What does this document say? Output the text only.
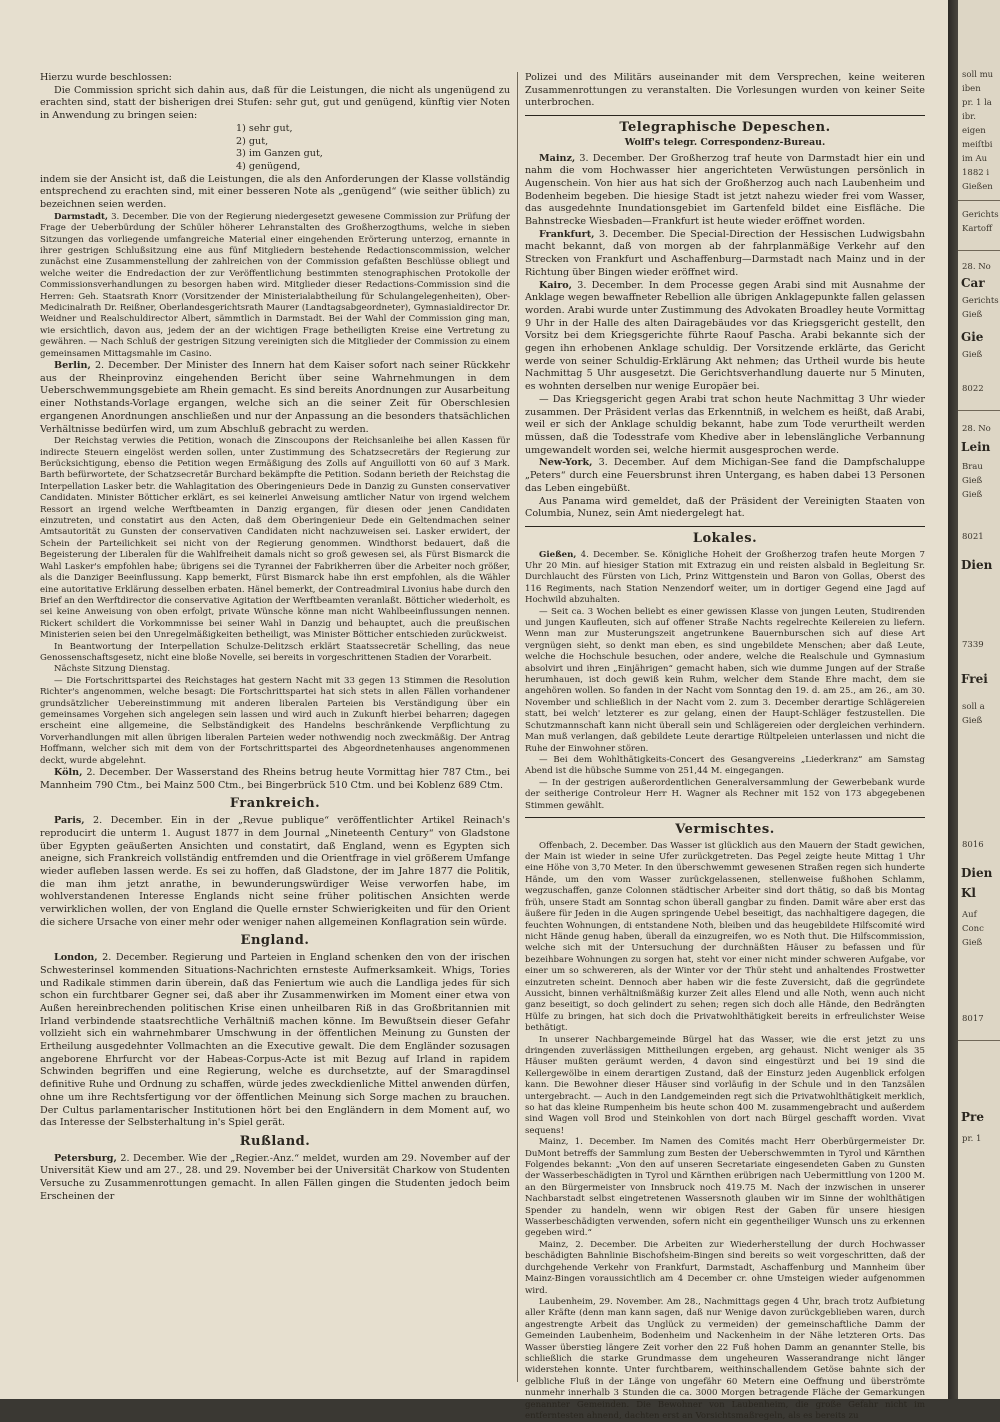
Hierzu wurde beschlossen:

Die Commission spricht sich dahin aus, daß für die Leistungen, die nicht als ungenügend zu erachten sind, statt der bisherigen drei Stufen: sehr gut, gut und genügend, künftig vier Noten in Anwendung zu bringen seien:

1) sehr gut,
2) gut,
3) im Ganzen gut,
4) genügend,

indem sie der Ansicht ist, daß die Leistungen, die als den Anforderungen der Klasse vollständig entsprechend zu erachten sind, mit einer besseren Note als „genügend“ (wie seither üblich) zu bezeichnen seien werden.

Darmstadt, 3. December. Die von der Regierung niedergesetzt gewesene Commission zur Prüfung der Frage der Ueberbürdung der Schüler höherer Lehranstalten des Großherzogthums, welche in sieben Sitzungen das vorliegende umfangreiche Material einer eingehenden Erörterung unterzog, ernannte in ihrer gestrigen Schlußsitzung eine aus fünf Mitgliedern bestehende Redactionscommission, welcher zunächst eine Zusammenstellung der zahlreichen von der Commission gefaßten Beschlüsse obliegt und welche weiter die Endredaction der zur Veröffentlichung bestimmten stenographischen Protokolle der Commissionsverhandlungen zu besorgen haben wird. Mitglieder dieser Redactions-Commission sind die Herren: Geh. Staatsrath Knorr (Vorsitzender der Ministerialabtheilung für Schulangelegenheiten), Ober-Medicinalrath Dr. Reißner, Oberlandesgerichtsrath Maurer (Landtagsabgeordneter), Gymnasialdirector Dr. Weidner und Realschuldirector Albert, sämmtlich in Darmstadt. Bei der Wahl der Commission ging man, wie ersichtlich, davon aus, jedem der an der wichtigen Frage betheiligten Kreise eine Vertretung zu gewähren. — Nach Schluß der gestrigen Sitzung vereinigten sich die Mitglieder der Commission zu einem gemeinsamen Mittagsmahle im Casino.

Berlin, 2. December. Der Minister des Innern hat dem Kaiser sofort nach seiner Rückkehr aus der Rheinprovinz eingehenden Bericht über seine Wahrnehmungen in dem Ueberschwemmungsgebiete am Rhein gemacht. Es sind bereits Anordnungen zur Ausarbeitung einer Nothstands-Vorlage ergangen, welche sich an die seiner Zeit für Oberschlesien ergangenen Anordnungen anschließen und nur der Anpassung an die besonders thatsächlichen Verhältnisse bedürfen wird, um zum Abschluß gebracht zu werden.

Der Reichstag verwies die Petition, wonach die Zinscoupons der Reichsanleihe bei allen Kassen für indirecte Steuern eingelöst werden sollen, unter Zustimmung des Schatzsecretärs der Regierung zur Berücksichtigung, ebenso die Petition wegen Ermäßigung des Zolls auf Anguillotti von 60 auf 3 Mark. Barth befürwortete, der Schatzsecretär Burchard bekämpfte die Petition. Sodann berieth der Reichstag die Interpellation Lasker betr. die Wahlagitation des Oberingenieurs Dede in Danzig zu Gunsten conservativer Candidaten. Minister Bötticher erklärt, es sei keinerlei Anweisung amtlicher Natur von irgend welchem Ressort an irgend welche Werftbeamten in Danzig ergangen, für diesen oder jenen Candidaten einzutreten, und constatirt aus den Acten, daß dem Oberingenieur Dede ein Geltendmachen seiner Amtsautorität zu Gunsten der conservativen Candidaten nicht nachzuweisen sei. Lasker erwidert, der Schein der Parteilichkeit sei nicht von der Regierung genommen. Windthorst bedauert, daß die Begeisterung der Liberalen für die Wahlfreiheit damals nicht so groß gewesen sei, als Fürst Bismarck die Wahl Lasker's empfohlen habe; übrigens sei die Tyrannei der Fabrikherren über die Arbeiter noch größer, als die Danziger Beeinflussung. Kapp bemerkt, Fürst Bismarck habe ihn erst empfohlen, als die Wähler eine autoritative Erklärung desselben erbaten. Hänel bemerkt, der Contreadmiral Livonius habe durch den Brief an den Werftdirector die conservative Agitation der Werftbeamten veranlaßt. Bötticher wiederholt, es sei keine Anweisung von oben erfolgt, private Wünsche könne man nicht Wahlbeeinflussungen nennen. Rickert schildert die Vorkommnisse bei seiner Wahl in Danzig und behauptet, auch die preußischen Ministerien seien bei den Unregelmäßigkeiten betheiligt, was Minister Bötticher entschieden zurückweist.

In Beantwortung der Interpellation Schulze-Delitzsch erklärt Staatssecretär Schelling, das neue Genossenschaftsgesetz, nicht eine bloße Novelle, sei bereits in vorgeschrittenen Stadien der Vorarbeit.

Nächste Sitzung Dienstag.

— Die Fortschrittspartei des Reichstages hat gestern Nacht mit 33 gegen 13 Stimmen die Resolution Richter's angenommen, welche besagt: Die Fortschrittspartei hat sich stets in allen Fällen vorhandener grundsätzlicher Uebereinstimmung mit anderen liberalen Parteien bis Verständigung über ein gemeinsames Vorgehen sich angelegen sein lassen und wird auch in Zukunft hierbei beharren; dagegen erscheint eine allgemeine, die Selbständigkeit des Handelns beschränkende Verpflichtung zu Vorverhandlungen mit allen übrigen liberalen Parteien weder nothwendig noch zweckmäßig. Der Antrag Hoffmann, welcher sich mit dem von der Fortschrittspartei des Abgeordnetenhauses angenommenen deckt, wurde abgelehnt.

Köln, 2. December. Der Wasserstand des Rheins betrug heute Vormittag hier 787 Ctm., bei Mannheim 790 Ctm., bei Mainz 500 Ctm., bei Bingerbrück 510 Ctm. und bei Koblenz 689 Ctm.

Frankreich.

Paris, 2. December. Ein in der „Revue publique“ veröffentlichter Artikel Reinach's reproducirt die unterm 1. August 1877 in dem Journal „Nineteenth Century“ von Gladstone über Egypten geäußerten Ansichten und constatirt, daß England, wenn es Egypten sich aneigne, sich Frankreich vollständig entfremden und die Orientfrage in viel größerem Umfange wieder aufleben lassen werde. Es sei zu hoffen, daß Gladstone, der im Jahre 1877 die Politik, die man ihm jetzt anrathe, in bewunderungswürdiger Weise verworfen habe, im wohlverstandenen Interesse Englands nicht seine früher politischen Ansichten werde verwirklichen wollen, der von England die Quelle ernster Schwierigkeiten und für den Orient die sichere Ursache von einer mehr oder weniger nahen allgemeinen Konflagration sein würde.

England.

London, 2. December. Regierung und Parteien in England schenken den von der irischen Schwesterinsel kommenden Situations-Nachrichten ernsteste Aufmerksamkeit. Whigs, Tories und Radikale stimmen darin überein, daß das Feniertum wie auch die Landliga jedes für sich schon ein furchtbarer Gegner sei, daß aber ihr Zusammenwirken im Moment einer etwa von Außen hereinbrechenden politischen Krise einen unheilbaren Riß in das Großbritannien mit Irland verbindende staatsrechtliche Verhältniß machen könne. Im Bewußtsein dieser Gefahr vollzieht sich ein wahrnehmbarer Umschwung in der öffentlichen Meinung zu Gunsten der Ertheilung ausgedehnter Vollmachten an die Executive gewalt. Die dem Engländer sozusagen angeborene Ehrfurcht vor der Habeas-Corpus-Acte ist mit Bezug auf Irland in rapidem Schwinden begriffen und eine Regierung, welche es durchsetzte, auf der Smaragdinsel definitive Ruhe und Ordnung zu schaffen, würde jedes zweckdienliche Mittel anwenden dürfen, ohne um ihre Rechtsfertigung vor der öffentlichen Meinung sich Sorge machen zu brauchen. Der Cultus parlamentarischer Institutionen hört bei den Engländern in dem Moment auf, wo das Interesse der Selbsterhaltung in's Spiel gerät.

Rußland.

Petersburg, 2. December. Wie der „Regier.-Anz.“ meldet, wurden am 29. November auf der Universität Kiew und am 27., 28. und 29. November bei der Universität Charkow von Studenten Versuche zu Zusammenrottungen gemacht. In allen Fällen gingen die Studenten jedoch beim Erscheinen der

Polizei und des Militärs auseinander mit dem Versprechen, keine weiteren Zusammenrottungen zu veranstalten. Die Vorlesungen wurden von keiner Seite unterbrochen.

Telegraphische Depeschen.
Wolff's telegr. Correspondenz-Bureau.

Mainz, 3. December. Der Großherzog traf heute von Darmstadt hier ein und nahm die vom Hochwasser hier angerichteten Verwüstungen persönlich in Augenschein. Von hier aus hat sich der Großherzog auch nach Laubenheim und Bodenheim begeben. Die hiesige Stadt ist jetzt nahezu wieder frei vom Wasser, das ausgedehnte Inundationsgebiet im Gartenfeld bildet eine Eisfläche. Die Bahnstrecke Wiesbaden—Frankfurt ist heute wieder eröffnet worden.

Frankfurt, 3. December. Die Special-Direction der Hessischen Ludwigsbahn macht bekannt, daß von morgen ab der fahrplanmäßige Verkehr auf den Strecken von Frankfurt und Aschaffenburg—Darmstadt nach Mainz und in der Richtung über Bingen wieder eröffnet wird.

Kairo, 3. December. In dem Processe gegen Arabi sind mit Ausnahme der Anklage wegen bewaffneter Rebellion alle übrigen Anklagepunkte fallen gelassen worden. Arabi wurde unter Zustimmung des Advokaten Broadley heute Vormittag 9 Uhr in der Halle des alten Dairagebäudes vor das Kriegsgericht gestellt, den Vorsitz bei dem Kriegsgerichte führte Raouf Pascha. Arabi bekannte sich der gegen ihn erhobenen Anklage schuldig. Der Vorsitzende erklärte, das Gericht werde von seiner Schuldig-Erklärung Akt nehmen; das Urtheil wurde bis heute Nachmittag 5 Uhr ausgesetzt. Die Gerichtsverhandlung dauerte nur 5 Minuten, es wohnten derselben nur wenige Europäer bei.

— Das Kriegsgericht gegen Arabi trat schon heute Nachmittag 3 Uhr wieder zusammen. Der Präsident verlas das Erkenntniß, in welchem es heißt, daß Arabi, weil er sich der Anklage schuldig bekannt, habe zum Tode verurtheilt werden müssen, daß die Todesstrafe vom Khedive aber in lebenslängliche Verbannung umgewandelt worden sei, welche hiermit ausgesprochen werde.

New-York, 3. December. Auf dem Michigan-See fand die Dampfschaluppe „Peters“ durch eine Feuersbrunst ihren Untergang, es haben dabei 13 Personen das Leben eingebüßt.

Aus Panama wird gemeldet, daß der Präsident der Vereinigten Staaten von Columbia, Nunez, sein Amt niedergelegt hat.

Lokales.

Gießen, 4. December. Se. Königliche Hoheit der Großherzog trafen heute Morgen 7 Uhr 20 Min. auf hiesiger Station mit Extrazug ein und reisten alsbald in Begleitung Sr. Durchlaucht des Fürsten von Lich, Prinz Wittgenstein und Baron von Gollas, Oberst des 116 Regiments, nach Station Nenzendorf weiter, um in dortiger Gegend eine Jagd auf Hochwild abzuhalten.

— Seit ca. 3 Wochen beliebt es einer gewissen Klasse von jungen Leuten, Studirenden und jungen Kaufleuten, sich auf offener Straße Nachts regelrechte Keilereien zu liefern. Wenn man zur Musterungszeit angetrunkene Bauernburschen sich auf diese Art vergnügen sieht, so denkt man eben, es sind ungebildete Menschen; aber daß Leute, welche die Hochschule besuchen, oder andere, welche die Realschule und Gymnasium absolvirt und ihren „Einjährigen“ gemacht haben, sich wie dumme Jungen auf der Straße herumhauen, ist doch gewiß kein Ruhm, welcher dem Stande Ehre macht, dem sie angehören wollen. So fanden in der Nacht vom Sonntag den 19. d. am 25., am 26., am 30. November und schließlich in der Nacht vom 2. zum 3. December derartige Schlägereien statt, bei welch' letzterer es zur gelang, einen der Haupt-Schläger festzustellen. Die Schutzmannschaft kann nicht überall sein und Schlägereien oder dergleichen verhindern. Man muß verlangen, daß gebildete Leute derartige Rültpeleien unterlassen und nicht die Ruhe der Einwohner stören.

— Bei dem Wohlthätigkeits-Concert des Gesangvereins „Liederkranz“ am Samstag Abend ist die hübsche Summe von 251,44 M. eingegangen.

— In der gestrigen außerordentlichen Generalversammlung der Gewerbebank wurde der seitherige Controleur Herr H. Wagner als Rechner mit 152 von 173 abgegebenen Stimmen gewählt.

Vermischtes.

Offenbach, 2. December. Das Wasser ist glücklich aus den Mauern der Stadt gewichen, der Main ist wieder in seine Ufer zurückgetreten. Das Pegel zeigte heute Mittag 1 Uhr eine Höhe von 3,70 Meter. In den überschwemmt gewesenen Straßen regen sich hunderte Hände, um den vom Wasser zurückgelassenen, stellenweise fußhohen Schlamm, wegzuschaffen, ganze Colonnen städtischer Arbeiter sind dort thätig, so daß bis Montag früh, unsere Stadt am Sonntag schon überall gangbar zu finden. Damit wäre aber erst das äußere für Jeden in die Augen springende Uebel beseitigt, das nachhaltigere dagegen, die feuchten Wohnungen, di entstandene Noth, bleiben und das heugebildete Hilfscomité wird nicht Hände genug haben, überall da einzugreifen, wo es Noth thut. Die Hilfscommission, welche sich mit der Untersuchung der durchnäßten Häuser zu befassen und für bezeihbare Wohnungen zu sorgen hat, steht vor einer nicht minder schweren Aufgabe, vor einer um so schwereren, als der Winter vor der Thür steht und anhaltendes Frostwetter einzutreten scheint. Dennoch aber haben wir die feste Zuversicht, daß die gegründete Aussicht, binnen verhältnißmäßig kurzer Zeit alles Elend und alle Noth, wenn auch nicht ganz beseitigt, so doch gelindert zu sehen; regen sich doch alle Hände, den Bedrängten Hülfe zu bringen, hat sich doch die Privatwohlthätigkeit bereits in erfreulichster Weise bethätigt.

In unserer Nachbargemeinde Bürgel hat das Wasser, wie die erst jetzt zu uns dringenden zuverlässigen Mittheilungen ergeben, arg gehaust. Nicht weniger als 35 Häuser mußten geräumt werden, 4 davon sind eingestürzt und bei 19 sind die Kellergewölbe in einem derartigen Zustand, daß der Einsturz jeden Augenblick erfolgen kann. Die Bewohner dieser Häuser sind vorläufig in der Schule und in den Tanzsälen untergebracht. — Auch in den Landgemeinden regt sich die Privatwohlthätigkeit merklich, so hat das kleine Rumpenheim bis heute schon 400 M. zusammengebracht und außerdem sind Wagen voll Brod und Steinkohlen von dort nach Bürgel geschafft worden. Vivat sequens!

Mainz, 1. December. Im Namen des Comités macht Herr Oberbürgermeister Dr. DuMont betreffs der Sammlung zum Besten der Ueberschwemmten in Tyrol und Kärnthen Folgendes bekannt: „Von den auf unseren Secretariate eingesendeten Gaben zu Gunsten der Wasserbeschädigten in Tyrol und Kärnthen erübrigen nach Uebermittlung von 1200 M. an den Bürgermeister von Innsbruck noch 419.75 M. Nach der inzwischen in unserer Nachbarstadt selbst eingetretenen Wassersnoth glauben wir im Sinne der wohlthätigen Spender zu handeln, wenn wir obigen Rest der Gaben für unsere hiesigen Wasserbeschädigten verwenden, sofern nicht ein gegentheiliger Wunsch uns zu erkennen gegeben wird.“

Mainz, 2. December. Die Arbeiten zur Wiederherstellung der durch Hochwasser beschädigten Bahnlinie Bischofsheim-Bingen sind bereits so weit vorgeschritten, daß der durchgehende Verkehr von Frankfurt, Darmstadt, Aschaffenburg und Mannheim über Mainz-Bingen voraussichtlich am 4 December cr. ohne Umsteigen wieder aufgenommen wird.

Laubenheim, 29. November. Am 28., Nachmittags gegen 4 Uhr, brach trotz Aufbietung aller Kräfte (denn man kann sagen, daß nur Wenige davon zurückgeblieben waren, durch angestrengte Arbeit das Unglück zu vermeiden) der gemeinschaftliche Damm der Gemeinden Laubenheim, Bodenheim und Nackenheim in der Nähe letzteren Orts. Das Wasser überstieg längere Zeit vorher den 22 Fuß hohen Damm an genannter Stelle, bis schließlich die starke Grundmasse dem ungeheuren Wasserandrange nicht länger widerstehen konnte. Unter furchtbarem, weithinschallendem Getöse bahnte sich der gelbliche Fluß in der Länge von ungefähr 60 Metern eine Oeffnung und überströmte nunmehr innerhalb 3 Stunden die ca. 3000 Morgen betragende Fläche der Gemarkungen genannter Gemeinden. Die Bewohner von Laubenheim, die große Gefahr nicht im entferntesten ahnend, dachten erst an Vorsichtsmaßregeln, als es bereits zu

soll mu
iben
pr. 1 la
ibr.
eigen
meiſtbi
im Au
1882 i
Gießen
Gerichts
Kartoff
28. No
Car
Gerichts
Gieß
Gie
Gieß
8022
28. No
Lein
Brau
Gieß
Gieß
8021
Dien
7339
Frei
soll a
Gieß
8016
Dien
Kl
Auf
Conc
Gieß
8017
Pre
pr. 1
